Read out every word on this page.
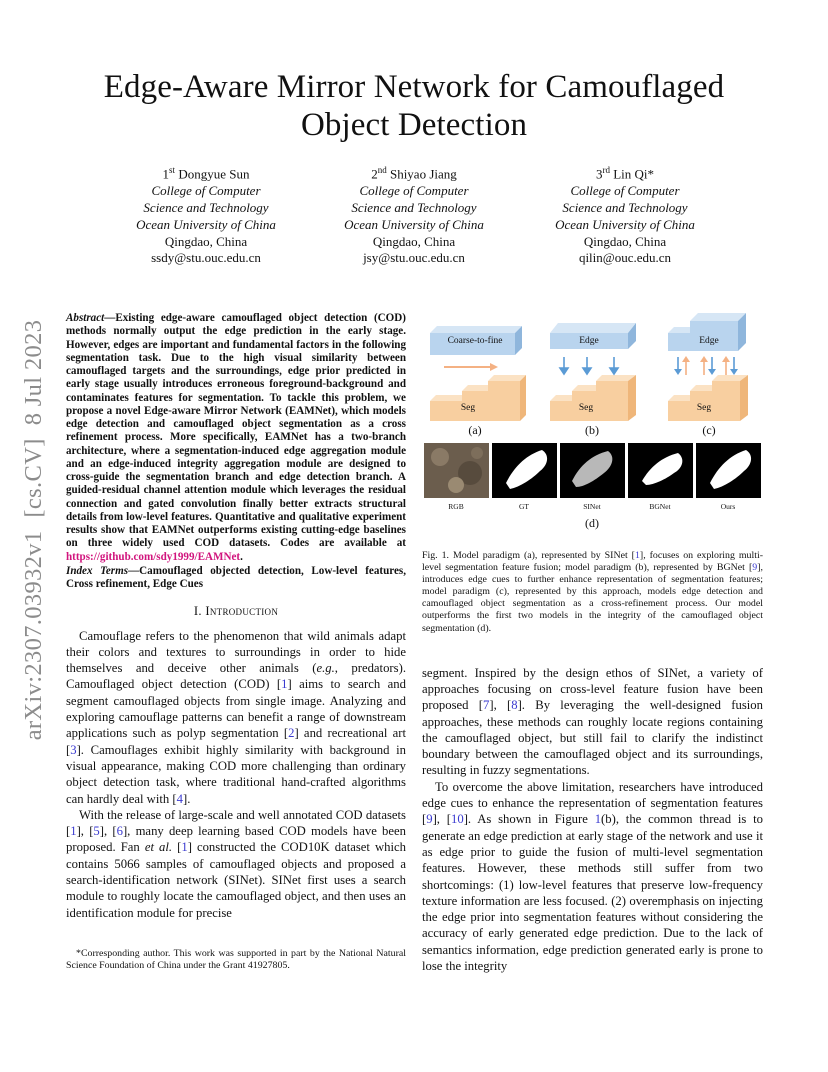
Edge-Aware Mirror Network for Camouflaged Object Detection
1st Dongyue Sun
College of Computer
Science and Technology
Ocean University of China
Qingdao, China
ssdy@stu.ouc.edu.cn
2nd Shiyao Jiang
College of Computer
Science and Technology
Ocean University of China
Qingdao, China
jsy@stu.ouc.edu.cn
3rd Lin Qi*
College of Computer
Science and Technology
Ocean University of China
Qingdao, China
qilin@ouc.edu.cn
arXiv:2307.03932v1  [cs.CV]  8 Jul 2023
Abstract—Existing edge-aware camouflaged object detection (COD) methods normally output the edge prediction in the early stage. However, edges are important and fundamental factors in the following segmentation task. Due to the high visual similarity between camouflaged targets and the surroundings, edge prior predicted in early stage usually introduces erroneous foreground-background and contaminates features for segmentation. To tackle this problem, we propose a novel Edge-aware Mirror Network (EAMNet), which models edge detection and camouflaged object segmentation as a cross refinement process. More specifically, EAMNet has a two-branch architecture, where a segmentation-induced edge aggregation module and an edge-induced integrity aggregation module are designed to cross-guide the segmentation branch and edge detection branch. A guided-residual channel attention module which leverages the residual connection and gated convolution finally better extracts structural details from low-level features. Quantitative and qualitative experiment results show that EAMNet outperforms existing cutting-edge baselines on three widely used COD datasets. Codes are available at https://github.com/sdy1999/EAMNet.
Index Terms—Camouflaged objected detection, Low-level features, Cross refinement, Edge Cues
I. Introduction

Camouflage refers to the phenomenon that wild animals adapt their colors and textures to surroundings in order to hide themselves and deceive other animals (e.g., predators). Camouflaged object detection (COD) [1] aims to search and segment camouflaged objects from single image. Analyzing and exploring camouflage patterns can benefit a range of downstream applications such as polyp segmentation [2] and recreational art [3]. Camouflages exhibit highly similarity with background in visual appearance, making COD more challenging than ordinary object detection task, where traditional hand-crafted algorithms can hardly deal with [4].

With the release of large-scale and well annotated COD datasets [1], [5], [6], many deep learning based COD models have been proposed. Fan et al. [1] constructed the COD10K dataset which contains 5066 samples of camouflaged objects and proposed a search-identification network (SINet). SINet first uses a search module to roughly locate the camouflaged object, and then uses an identification module for precise

*Corresponding author. This work was supported in part by the National Natural Science Foundation of China under the Grant 41927805.
Coarse-to-fine	Edge	Edge
Seg	Seg	Seg
(a)	(b)	(c)
RGB	GT	SINet	BGNet	Ours
(d)
Fig. 1. Model paradigm (a), represented by SINet [1], focuses on exploring multi-level segmentation feature fusion; model paradigm (b), represented by BGNet [9], introduces edge cues to further enhance representation of segmentation features; model paradigm (c), represented by this approach, models edge detection and camouflaged object segmentation as a cross-refinement process. Our model outperforms the first two models in the integrity of the camouflaged object segmentation (d).

segment. Inspired by the design ethos of SINet, a variety of approaches focusing on cross-level feature fusion have been proposed [7], [8]. By leveraging the well-designed fusion approaches, these methods can roughly locate regions containing the camouflaged object, but still fail to clarify the indistinct boundary between the camouflaged object and its surroundings, resulting in fuzzy segmentations.

To overcome the above limitation, researchers have introduced edge cues to enhance the representation of segmentation features [9], [10]. As shown in Figure 1(b), the common thread is to generate an edge prediction at early stage of the network and use it as edge prior to guide the fusion of multi-level segmentation features. However, these methods still suffer from two shortcomings: (1) low-level features that preserve low-frequency texture information are less focused. (2) overemphasis on injecting the edge prior into segmentation features without considering the accuracy of early generated edge prediction. Due to the lack of semantics information, edge prediction generated early is prone to lose the integrity
